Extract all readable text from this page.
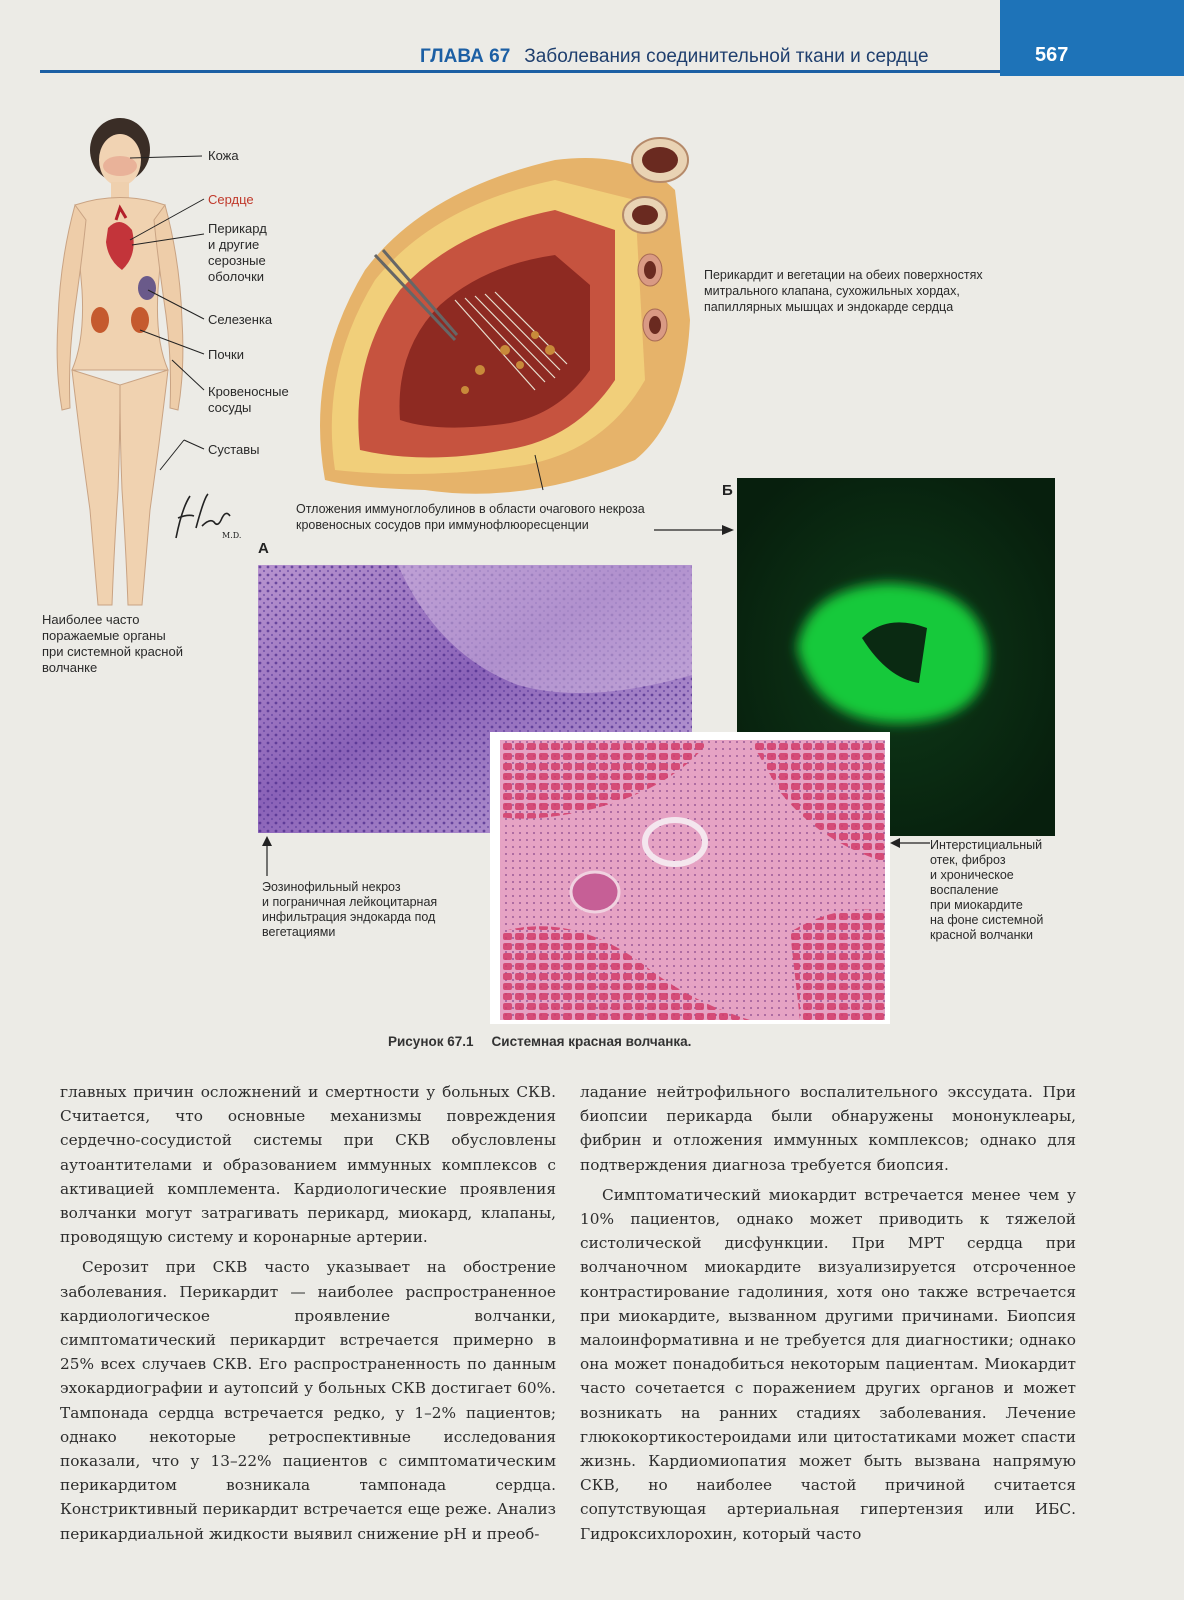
ГЛАВА 67 Заболевания соединительной ткани и сердце	567
Кожа
Сердце
Перикард
и другие
серозные
оболочки
Селезенка
Почки
Кровеносные
сосуды
Суставы
M.D.
Наиболее часто
поражаемые органы
при системной красной
волчанке
Перикардит и вегетации на обеих поверхностях
митрального клапана, сухожильных хордах,
папиллярных мышцах и эндокарде сердца
Отложения иммуноглобулинов в области очагового некроза
кровеносных сосудов при иммунофлюоресценции
А
Б
Эозинофильный некроз
и пограничная лейкоцитарная
инфильтрация эндокарда под
вегетациями
Интерстициальный
отек, фиброз
и хроническое
воспаление
при миокардите
на фоне системной
красной волчанки
Рисунок 67.1 Системная красная волчанка.

главных причин осложнений и смертности у больных СКВ. Считается, что основные механизмы повреждения сердечно-сосудистой системы при СКВ обусловлены аутоантителами и образованием иммунных комплексов с активацией комплемента. Кардиологические проявления волчанки могут затрагивать перикард, миокард, клапаны, проводящую систему и коронарные артерии.

Серозит при СКВ часто указывает на обострение заболевания. Перикардит — наиболее распространенное кардиологическое проявление волчанки, симптоматический перикардит встречается примерно в 25% всех случаев СКВ. Его распространенность по данным эхокардиографии и аутопсий у больных СКВ достигает 60%. Тампонада сердца встречается редко, у 1–2% пациентов; однако некоторые ретроспективные исследования показали, что у 13–22% пациентов с симптоматическим перикардитом возникала тампонада сердца. Констриктивный перикардит встречается еще реже. Анализ перикардиальной жидкости выявил снижение pH и преоб-

ладание нейтрофильного воспалительного экссудата. При биопсии перикарда были обнаружены мононуклеары, фибрин и отложения иммунных комплексов; однако для подтверждения диагноза требуется биопсия.

Симптоматический миокардит встречается менее чем у 10% пациентов, однако может приводить к тяжелой систолической дисфункции. При МРТ сердца при волчаночном миокардите визуализируется отсроченное контрастирование гадолиния, хотя оно также встречается при миокардите, вызванном другими причинами. Биопсия малоинформативна и не требуется для диагностики; однако она может понадобиться некоторым пациентам. Миокардит часто сочетается с поражением других органов и может возникать на ранних стадиях заболевания. Лечение глюкокортикостероидами или цитостатиками может спасти жизнь. Кардиомиопатия может быть вызвана напрямую СКВ, но наиболее частой причиной считается сопутствующая артериальная гипертензия или ИБС. Гидроксихлорохин, который часто
